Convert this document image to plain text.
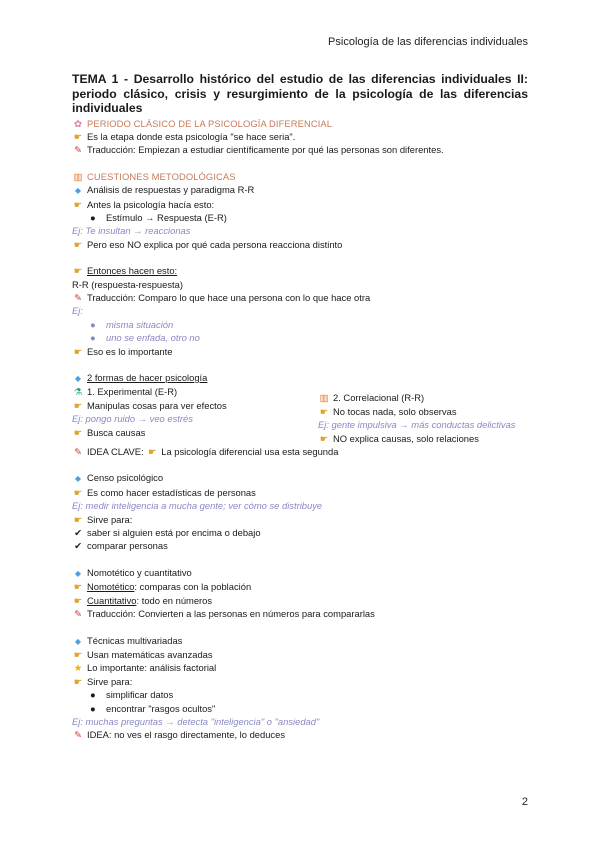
Psicología de las diferencias individuales
TEMA 1 - Desarrollo histórico del estudio de las diferencias individuales II: periodo clásico, crisis y resurgimiento de la psicología de las diferencias individuales
✿ PERIODO CLÁSICO DE LA PSICOLOGÍA DIFERENCIAL
☛ Es la etapa donde esta psicología "se hace seria".
✎ Traducción: Empiezan a estudiar científicamente por qué las personas son diferentes.
▥ CUESTIONES METODOLÓGICAS
◆ Análisis de respuestas y paradigma R-R
☛ Antes la psicología hacía esto:
● Estímulo → Respuesta (E-R)
Ej: Te insultan → reaccionas
☛ Pero eso NO explica por qué cada persona reacciona distinto
☛ Entonces hacen esto:
R-R (respuesta-respuesta)
✎ Traducción: Comparo lo que hace una persona con lo que hace otra
Ej:
● misma situación
● uno se enfada, otro no
☛ Eso es lo importante
◆ 2 formas de hacer psicología
⚗ 1. Experimental (E-R)
☛ Manipulas cosas para ver efectos
Ej: pongo ruido → veo estrés
☛ Busca causas
▥ 2. Correlacional (R-R)
☛ No tocas nada, solo observas
Ej: gente impulsiva → más conductas delictivas
☛ NO explica causas, solo relaciones
✎ IDEA CLAVE: ☛ La psicología diferencial usa esta segunda
◆ Censo psicológico
☛ Es como hacer estadísticas de personas
Ej: medir inteligencia a mucha gente; ver cómo se distribuye
☛ Sirve para:
✔ saber si alguien está por encima o debajo
✔ comparar personas
◆ Nomotético y cuantitativo
☛ Nomotético: comparas con la población
☛ Cuantitativo: todo en números
✎ Traducción: Convierten a las personas en números para compararlas
◆ Técnicas multivariadas
☛ Usan matemáticas avanzadas
★ Lo importante: análisis factorial
☛ Sirve para:
● simplificar datos
● encontrar "rasgos ocultos"
Ej: muchas preguntas → detecta "inteligencia" o "ansiedad"
✎ IDEA: no ves el rasgo directamente, lo deduces
2
